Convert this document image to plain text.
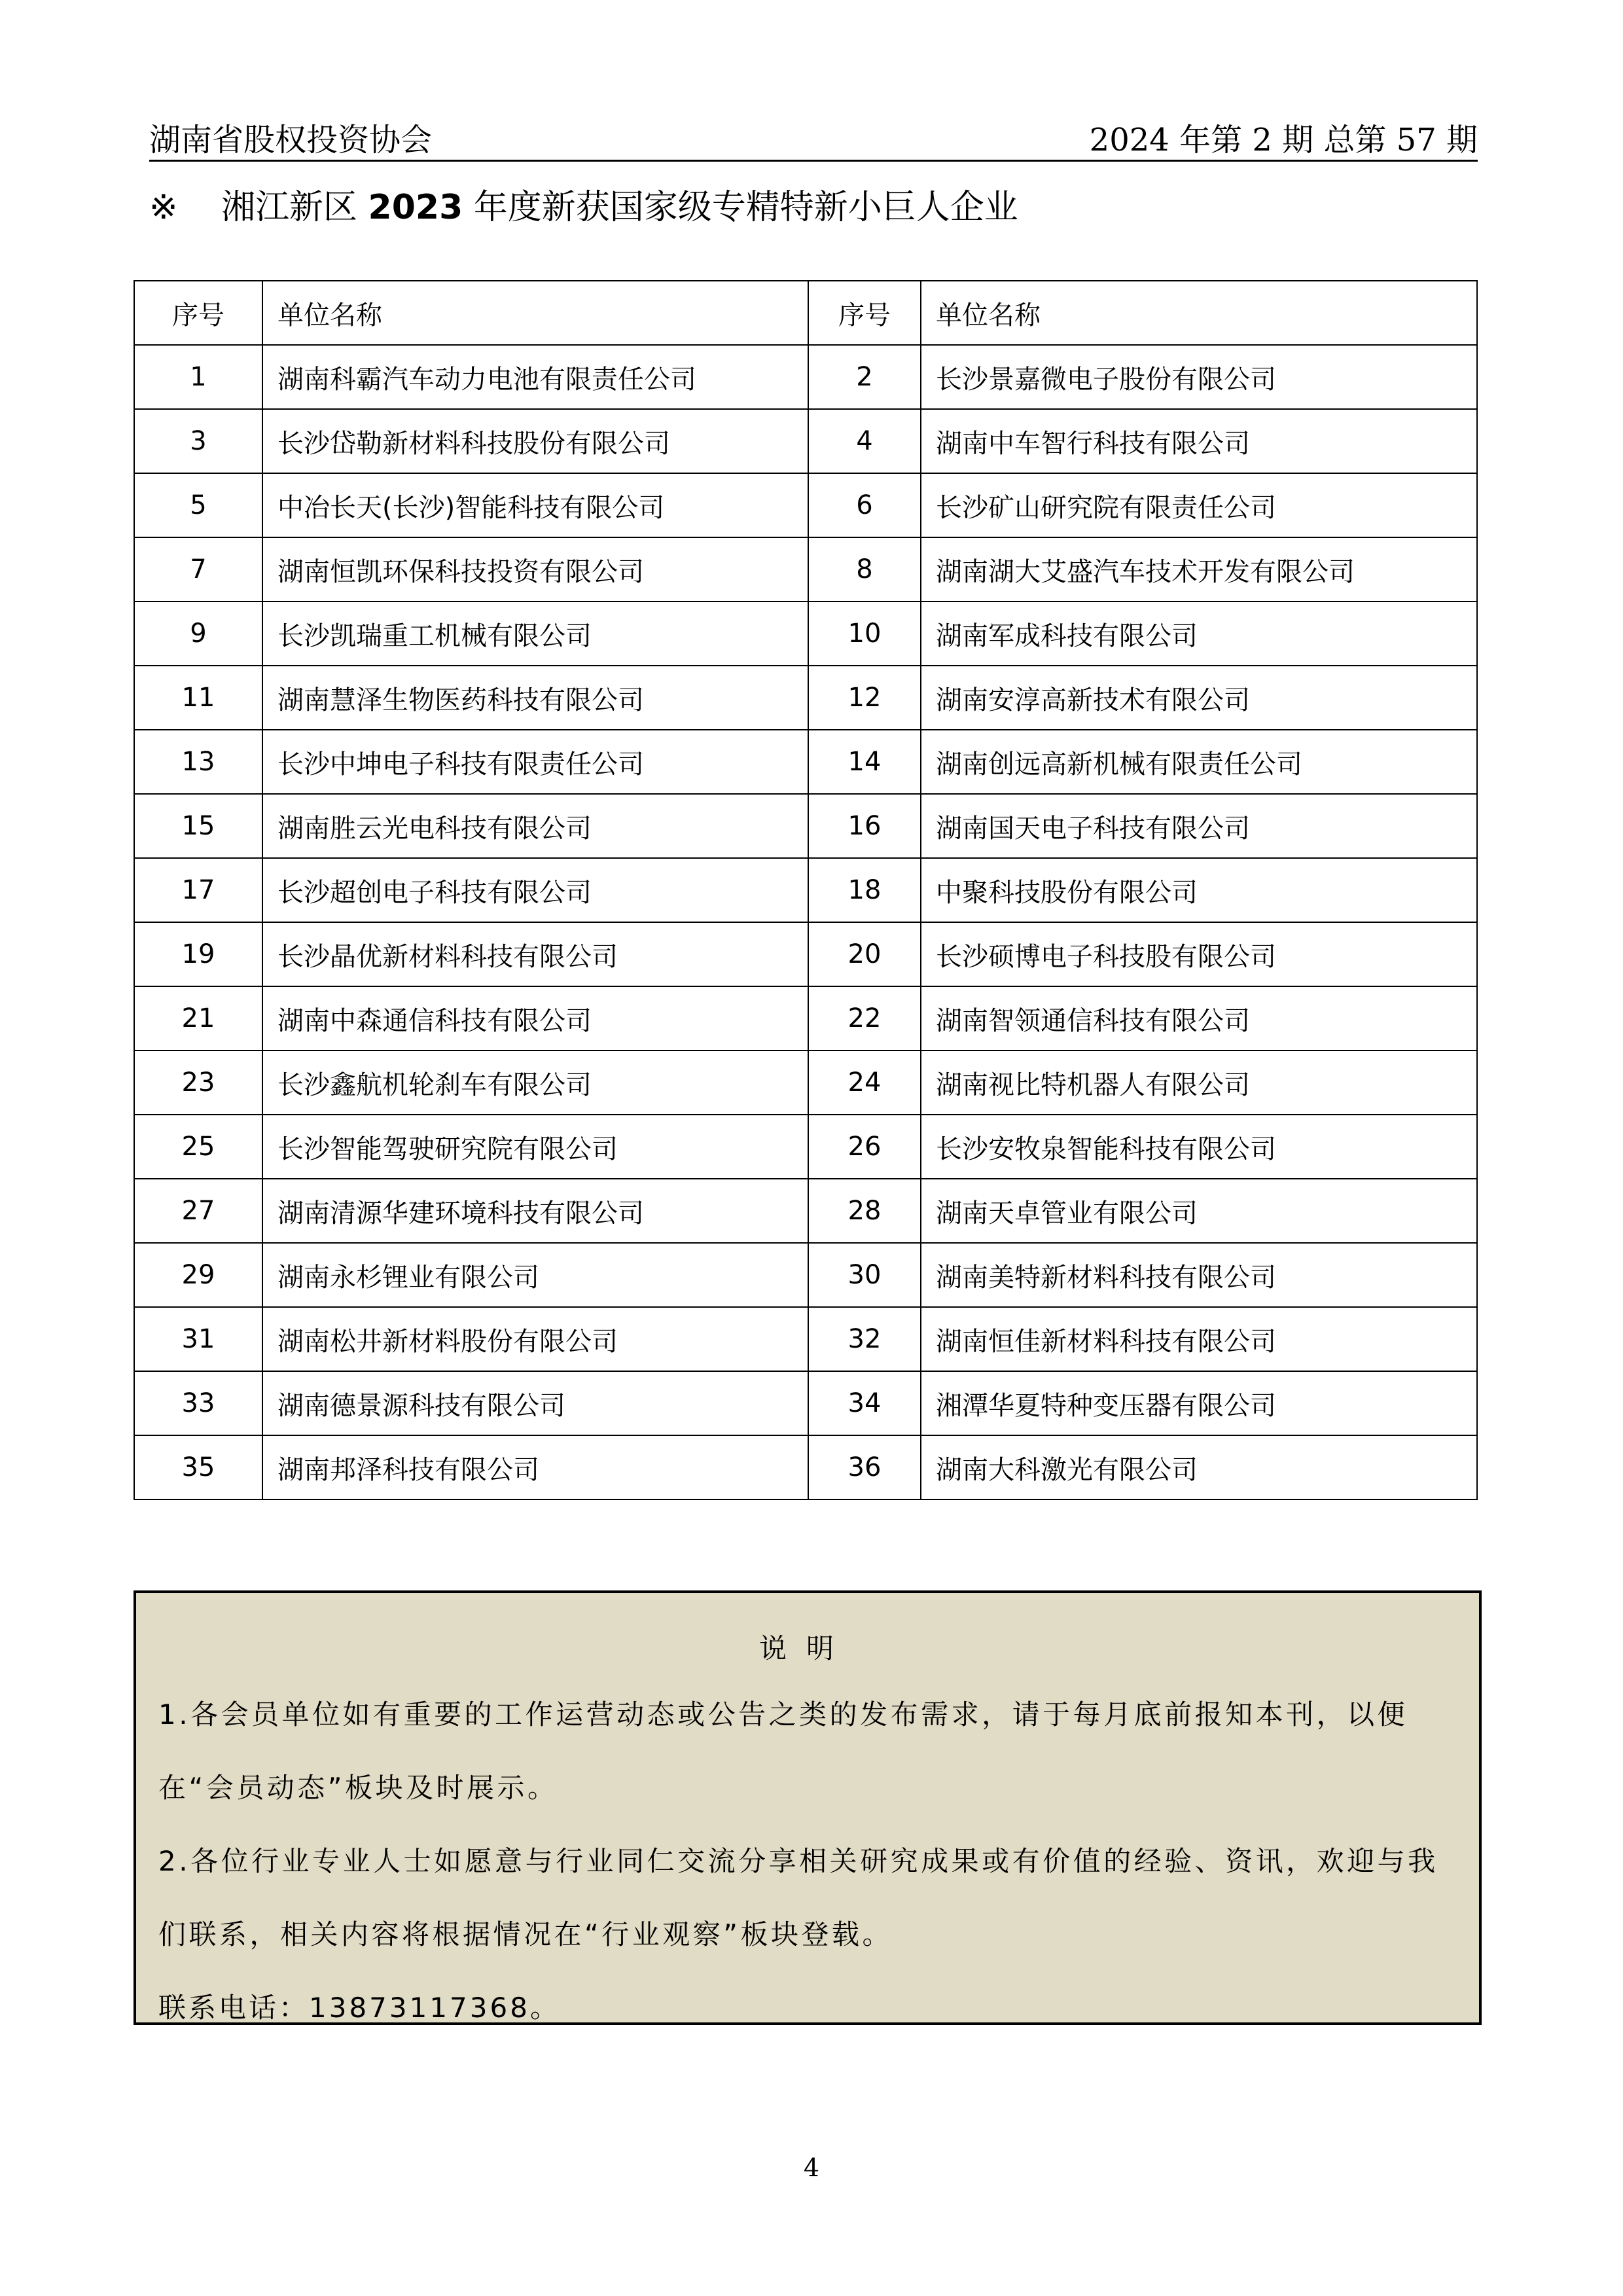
湖南省股权投资协会	2024 年第 2 期 总第 57 期
※ 湘江新区 2023 年度新获国家级专精特新小巨人企业
序号	单位名称	序号	单位名称
1	湖南科霸汽车动力电池有限责任公司	2	长沙景嘉微电子股份有限公司
3	长沙岱勒新材料科技股份有限公司	4	湖南中车智行科技有限公司
5	中冶长天(长沙)智能科技有限公司	6	长沙矿山研究院有限责任公司
7	湖南恒凯环保科技投资有限公司	8	湖南湖大艾盛汽车技术开发有限公司
9	长沙凯瑞重工机械有限公司	10	湖南军成科技有限公司
11	湖南慧泽生物医药科技有限公司	12	湖南安淳高新技术有限公司
13	长沙中坤电子科技有限责任公司	14	湖南创远高新机械有限责任公司
15	湖南胜云光电科技有限公司	16	湖南国天电子科技有限公司
17	长沙超创电子科技有限公司	18	中聚科技股份有限公司
19	长沙晶优新材料科技有限公司	20	长沙硕博电子科技股有限公司
21	湖南中森通信科技有限公司	22	湖南智领通信科技有限公司
23	长沙鑫航机轮刹车有限公司	24	湖南视比特机器人有限公司
25	长沙智能驾驶研究院有限公司	26	长沙安牧泉智能科技有限公司
27	湖南清源华建环境科技有限公司	28	湖南天卓管业有限公司
29	湖南永杉锂业有限公司	30	湖南美特新材料科技有限公司
31	湖南松井新材料股份有限公司	32	湖南恒佳新材料科技有限公司
33	湖南德景源科技有限公司	34	湘潭华夏特种变压器有限公司
35	湖南邦泽科技有限公司	36	湖南大科激光有限公司
说明
1.各会员单位如有重要的工作运营动态或公告之类的发布需求，请于每月底前报知本刊，以便在“会员动态”板块及时展示。
2.各位行业专业人士如愿意与行业同仁交流分享相关研究成果或有价值的经验、资讯，欢迎与我们联系，相关内容将根据情况在“行业观察”板块登载。
联系电话：13873117368。
4
